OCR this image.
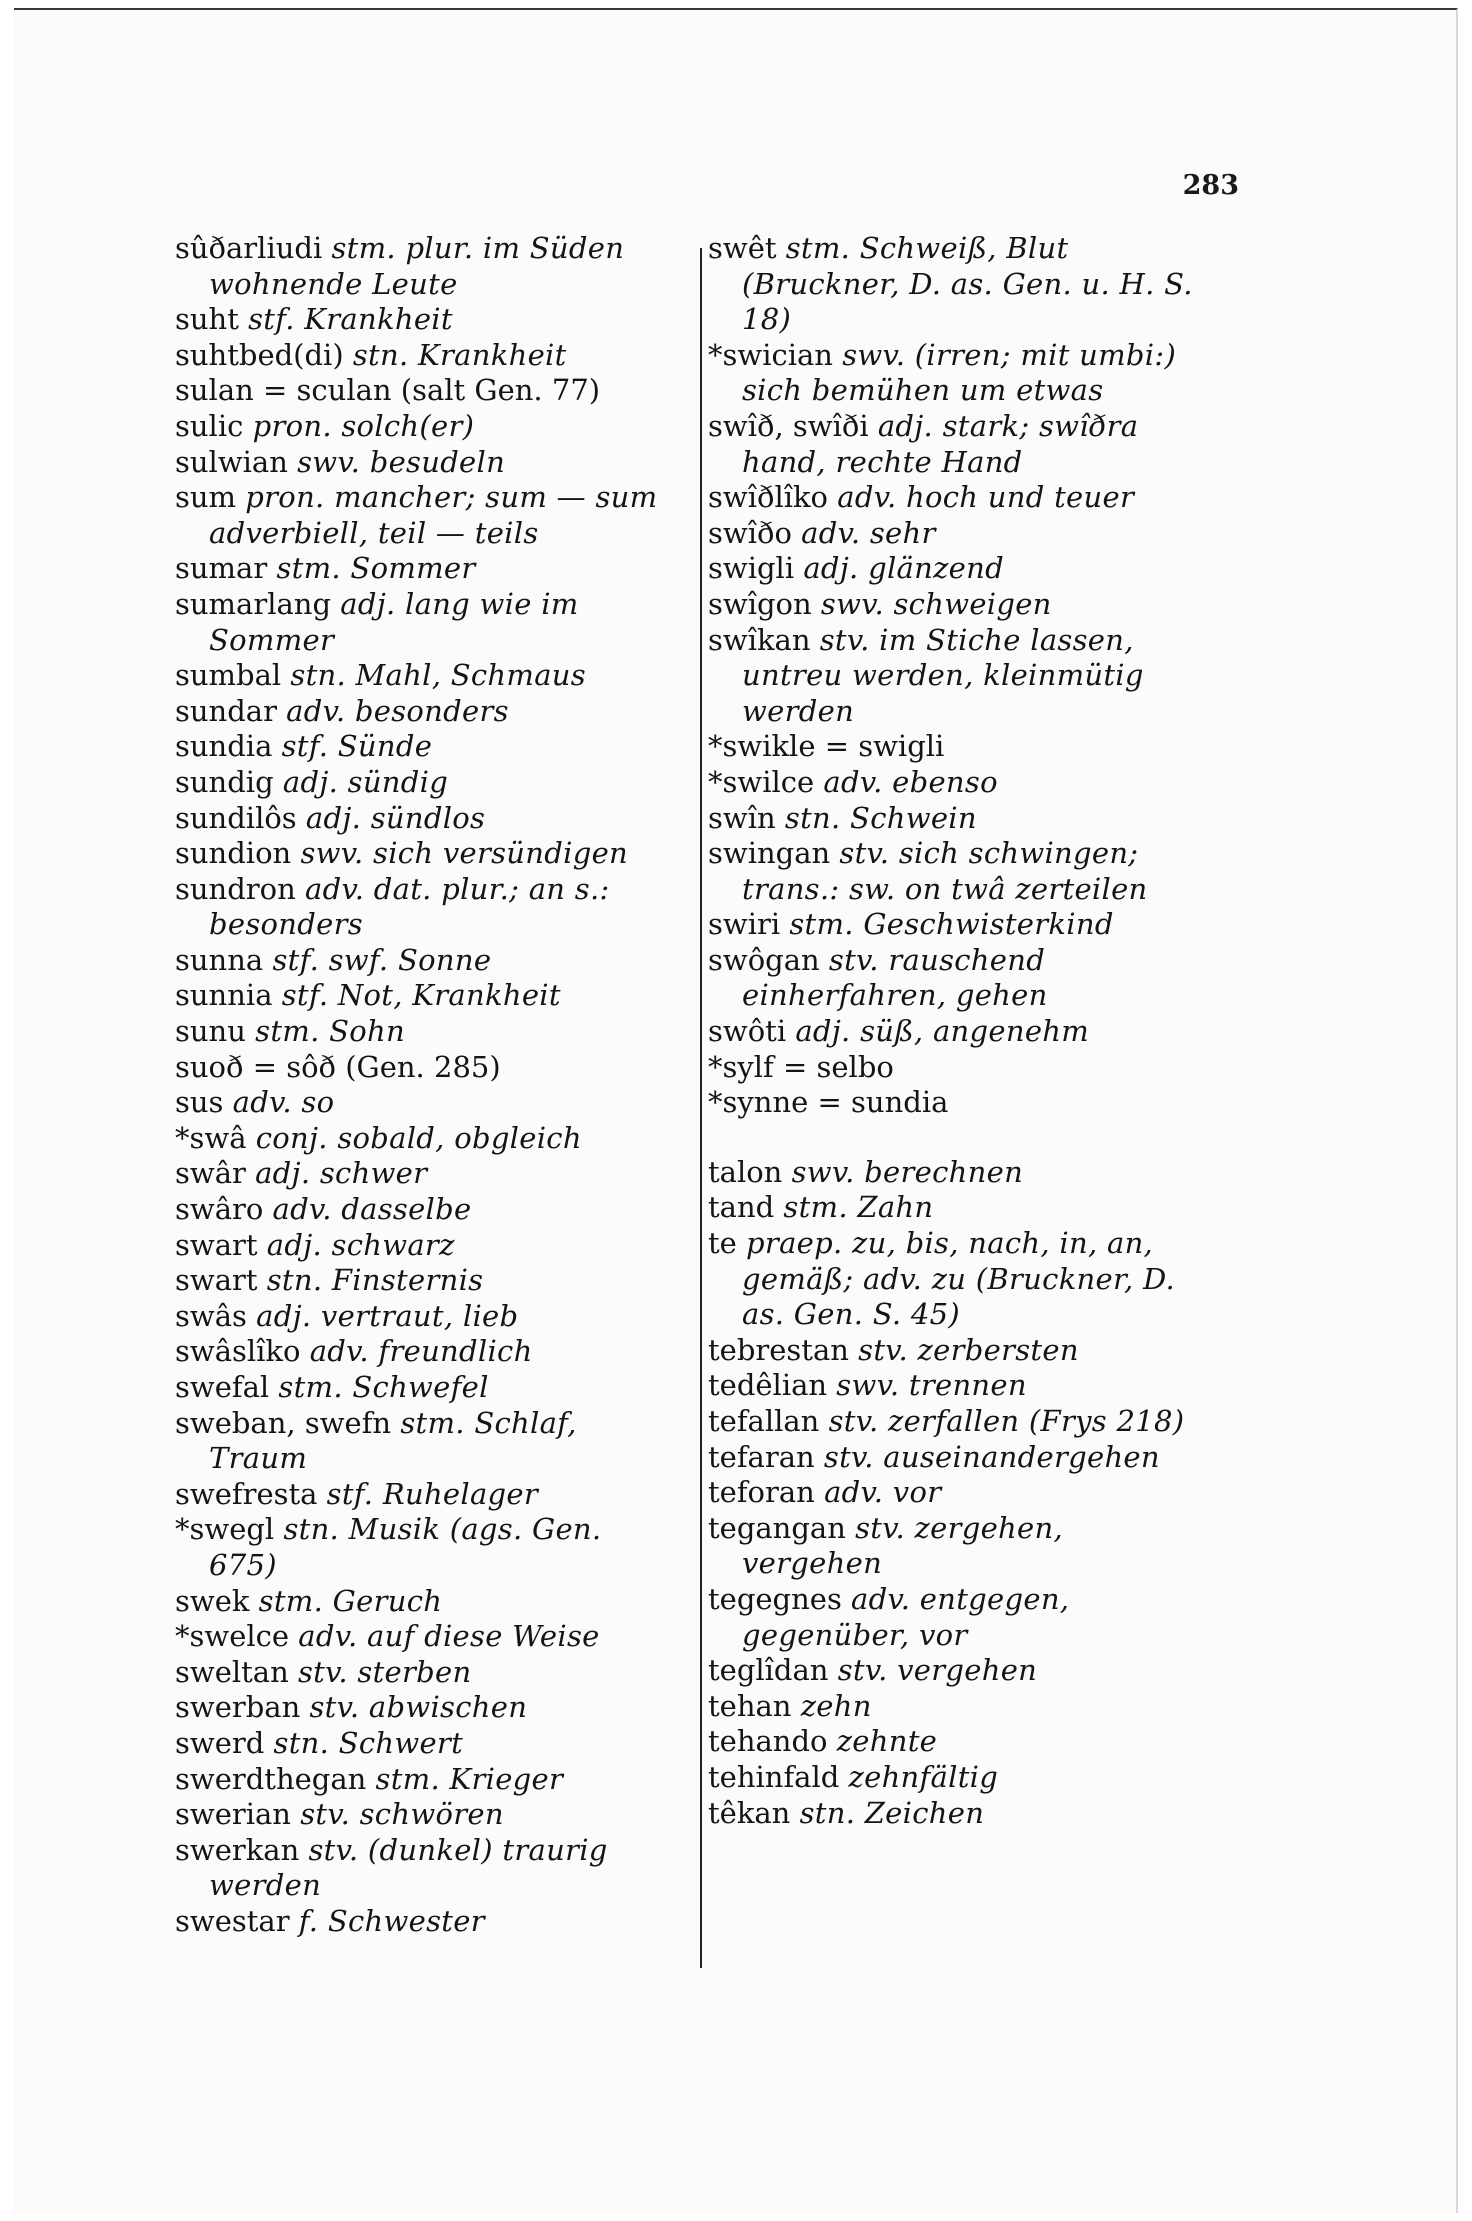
283

sûðarliudi stm. plur. im Süden wohnende Leute

suht stf. Krankheit

suhtbed(di) stn. Krankheit

sulan = sculan (salt Gen. 77)

sulic pron. solch(er)

sulwian swv. besudeln

sum pron. mancher; sum — sum adverbiell, teil — teils

sumar stm. Sommer

sumarlang adj. lang wie im Sommer

sumbal stn. Mahl, Schmaus

sundar adv. besonders

sundia stf. Sünde

sundig adj. sündig

sundilôs adj. sündlos

sundion swv. sich versündigen

sundron adv. dat. plur.; an s.: besonders

sunna stf. swf. Sonne

sunnia stf. Not, Krankheit

sunu stm. Sohn

suoð = sôð (Gen. 285)

sus adv. so

*swâ conj. sobald, obgleich

swâr adj. schwer

swâro adv. dasselbe

swart adj. schwarz

swart stn. Finsternis

swâs adj. vertraut, lieb

swâslîko adv. freundlich

swefal stm. Schwefel

sweban, swefn stm. Schlaf, Traum

swefresta stf. Ruhelager

*swegl stn. Musik (ags. Gen. 675)

swek stm. Geruch

*swelce adv. auf diese Weise

sweltan stv. sterben

swerban stv. abwischen

swerd stn. Schwert

swerdthegan stm. Krieger

swerian stv. schwören

swerkan stv. (dunkel) traurig werden

swestar f. Schwester

swêt stm. Schweiß, Blut (Bruckner, D. as. Gen. u. H. S. 18)

*swician swv. (irren; mit umbi:) sich bemühen um etwas

swîð, swîði adj. stark; swîðra hand, rechte Hand

swîðlîko adv. hoch und teuer

swîðo adv. sehr

swigli adj. glänzend

swîgon swv. schweigen

swîkan stv. im Stiche lassen, untreu werden, kleinmütig werden

*swikle = swigli

*swilce adv. ebenso

swîn stn. Schwein

swingan stv. sich schwingen; trans.: sw. on twâ zerteilen

swiri stm. Geschwisterkind

swôgan stv. rauschend einherfahren, gehen

swôti adj. süß, angenehm

*sylf = selbo

*synne = sundia

talon swv. berechnen

tand stm. Zahn

te praep. zu, bis, nach, in, an, gemäß; adv. zu (Bruckner, D. as. Gen. S. 45)

tebrestan stv. zerbersten

tedêlian swv. trennen

tefallan stv. zerfallen (Frys 218)

tefaran stv. auseinandergehen

teforan adv. vor

tegangan stv. zergehen, vergehen

tegegnes adv. entgegen, gegenüber, vor

teglîdan stv. vergehen

tehan zehn

tehando zehnte

tehinfald zehnfältig

têkan stn. Zeichen
